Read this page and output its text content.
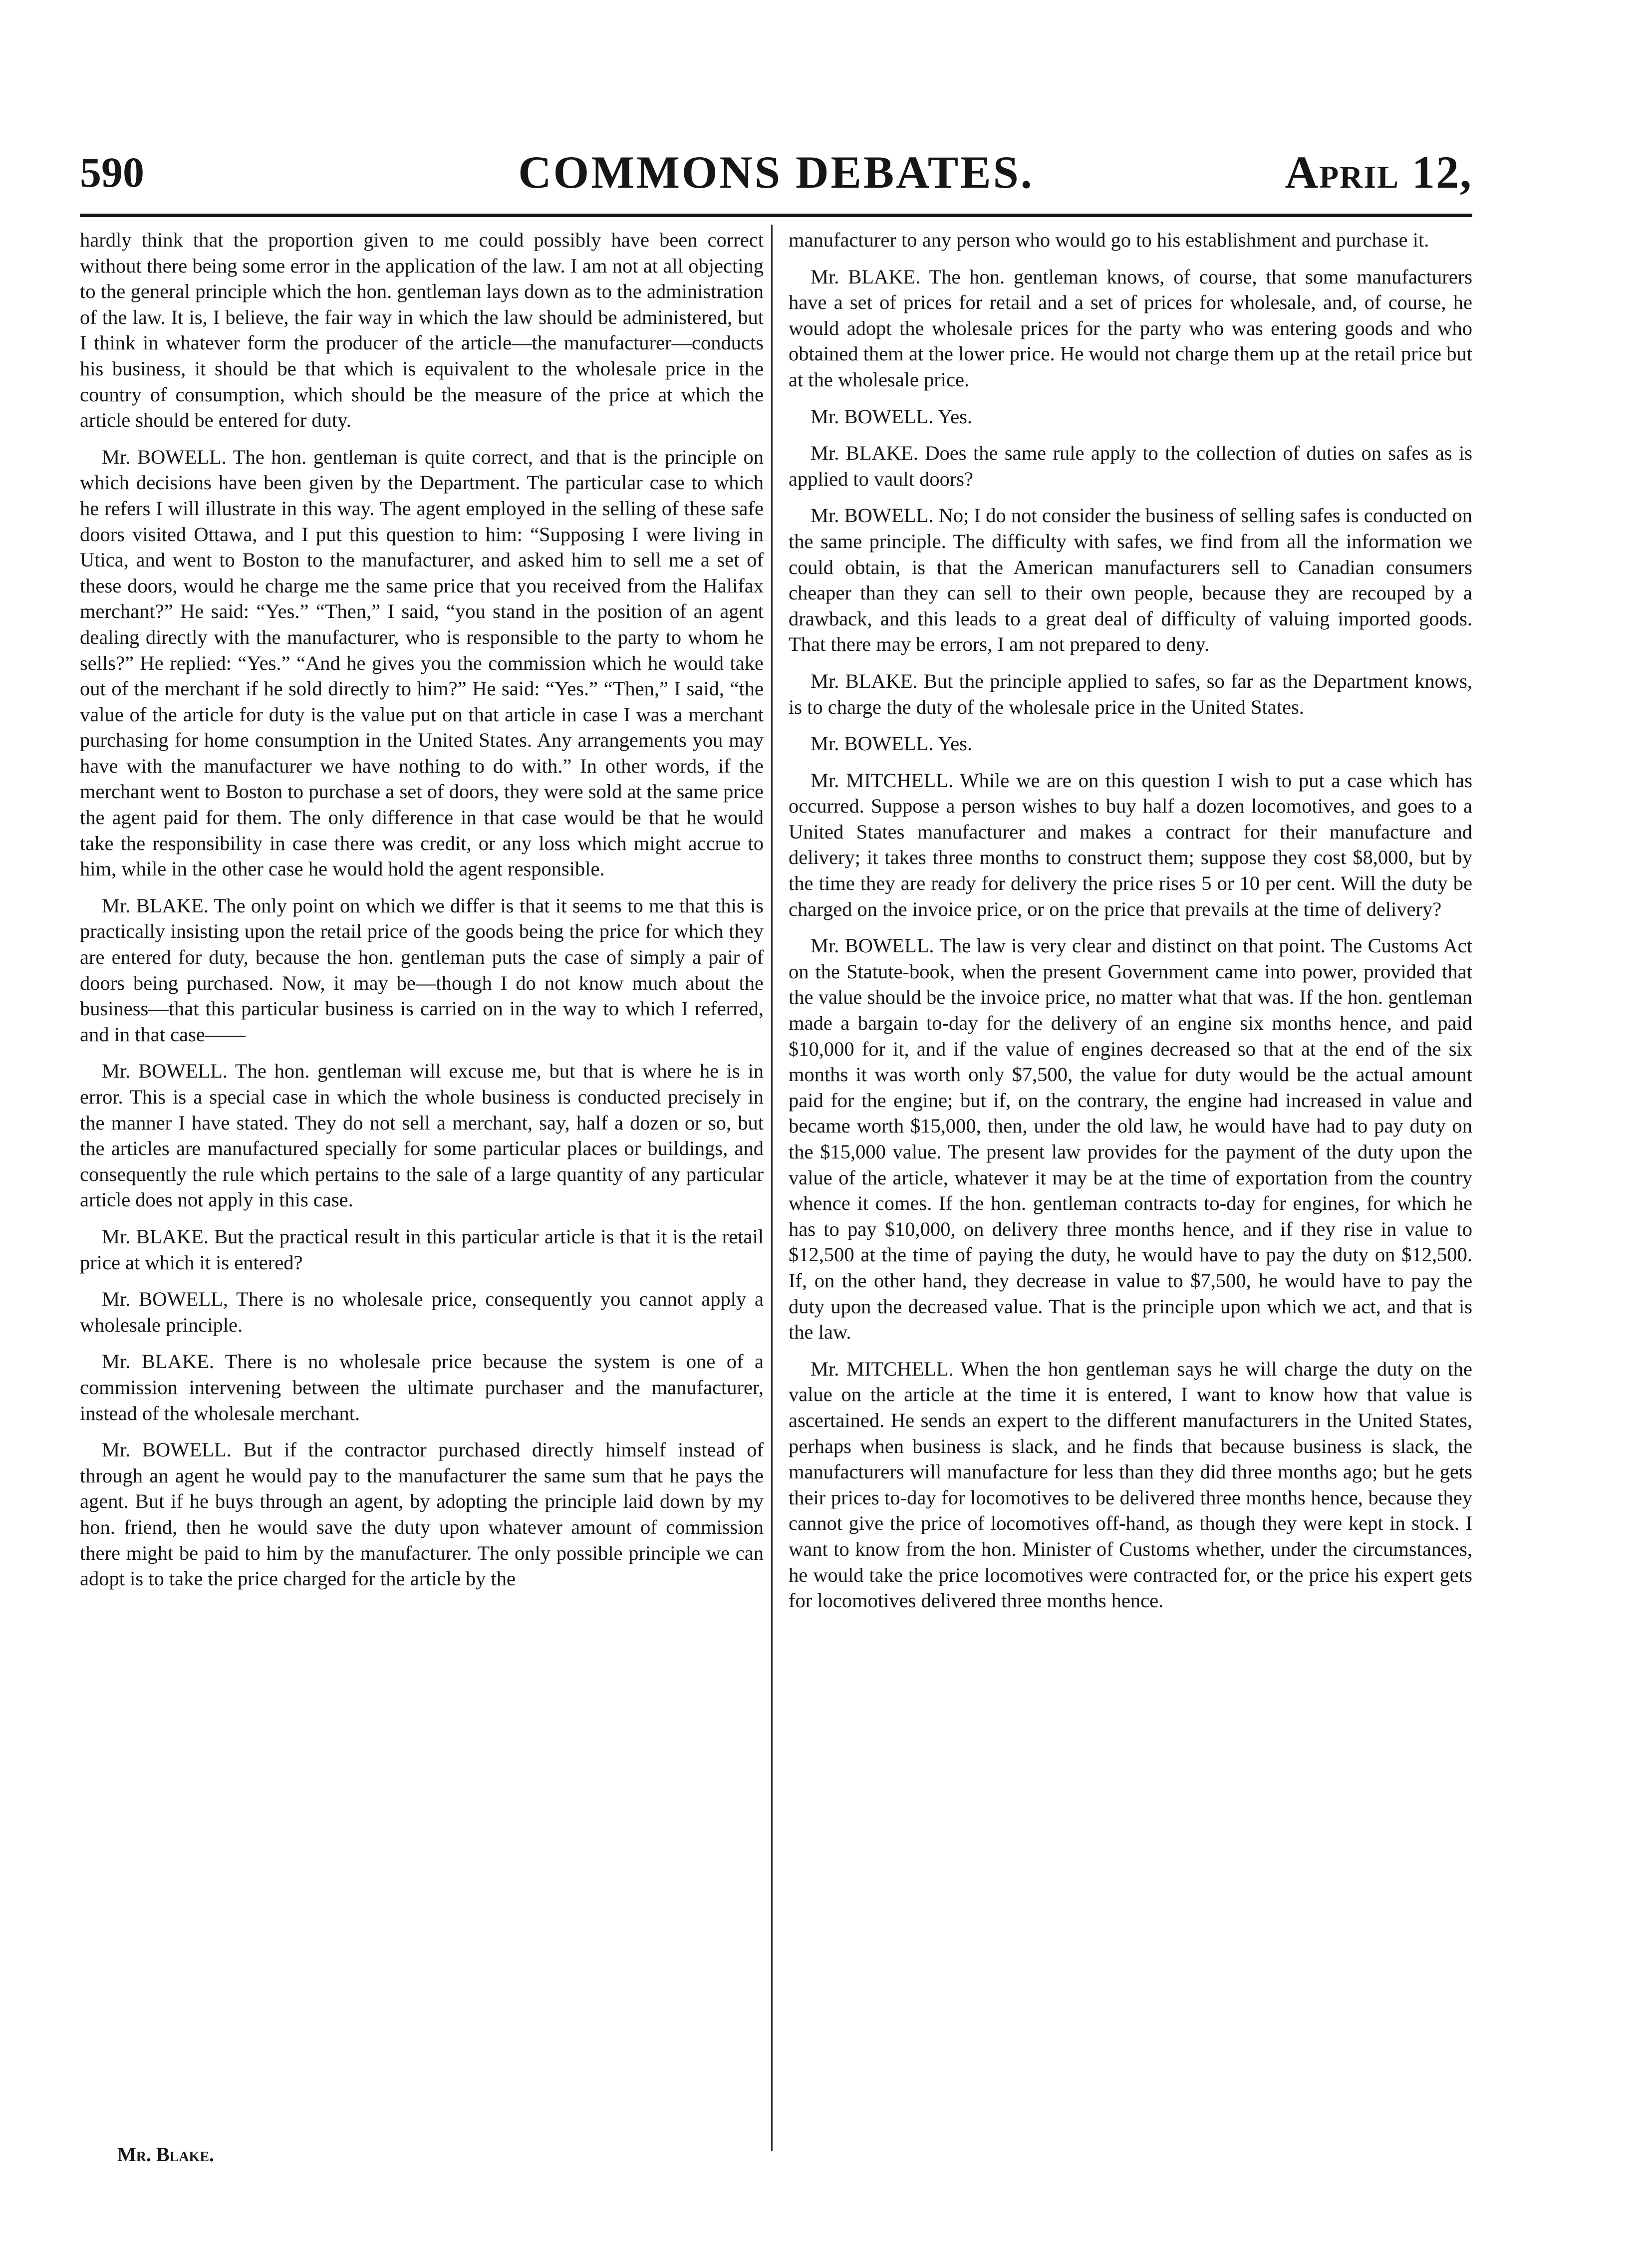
590	COMMONS DEBATES.	April 12,

hardly think that the proportion given to me could possibly have been correct without there being some error in the application of the law. I am not at all objecting to the general principle which the hon. gentleman lays down as to the administration of the law. It is, I believe, the fair way in which the law should be administered, but I think in whatever form the producer of the article—the manufacturer—conducts his business, it should be that which is equivalent to the wholesale price in the country of consumption, which should be the measure of the price at which the article should be entered for duty.

Mr. BOWELL. The hon. gentleman is quite correct, and that is the principle on which decisions have been given by the Department. The particular case to which he refers I will illustrate in this way. The agent employed in the selling of these safe doors visited Ottawa, and I put this question to him: “Supposing I were living in Utica, and went to Boston to the manufacturer, and asked him to sell me a set of these doors, would he charge me the same price that you received from the Halifax merchant?” He said: “Yes.” “Then,” I said, “you stand in the position of an agent dealing directly with the manufacturer, who is responsible to the party to whom he sells?” He replied: “Yes.” “And he gives you the commission which he would take out of the merchant if he sold directly to him?” He said: “Yes.” “Then,” I said, “the value of the article for duty is the value put on that article in case I was a merchant purchasing for home consumption in the United States. Any arrangements you may have with the manufacturer we have nothing to do with.” In other words, if the merchant went to Boston to purchase a set of doors, they were sold at the same price the agent paid for them. The only difference in that case would be that he would take the responsibility in case there was credit, or any loss which might accrue to him, while in the other case he would hold the agent responsible.

Mr. BLAKE. The only point on which we differ is that it seems to me that this is practically insisting upon the retail price of the goods being the price for which they are entered for duty, because the hon. gentleman puts the case of simply a pair of doors being purchased. Now, it may be—though I do not know much about the business—that this particular business is carried on in the way to which I referred, and in that case——

Mr. BOWELL. The hon. gentleman will excuse me, but that is where he is in error. This is a special case in which the whole business is conducted precisely in the manner I have stated. They do not sell a merchant, say, half a dozen or so, but the articles are manufactured specially for some particular places or buildings, and consequently the rule which pertains to the sale of a large quantity of any particular article does not apply in this case.

Mr. BLAKE. But the practical result in this particular article is that it is the retail price at which it is entered?

Mr. BOWELL, There is no wholesale price, consequently you cannot apply a wholesale principle.

Mr. BLAKE. There is no wholesale price because the system is one of a commission intervening between the ultimate purchaser and the manufacturer, instead of the wholesale merchant.

Mr. BOWELL. But if the contractor purchased directly himself instead of through an agent he would pay to the manufacturer the same sum that he pays the agent. But if he buys through an agent, by adopting the principle laid down by my hon. friend, then he would save the duty upon whatever amount of commission there might be paid to him by the manufacturer. The only possible principle we can adopt is to take the price charged for the article by the

manufacturer to any person who would go to his establishment and purchase it.

Mr. BLAKE. The hon. gentleman knows, of course, that some manufacturers have a set of prices for retail and a set of prices for wholesale, and, of course, he would adopt the wholesale prices for the party who was entering goods and who obtained them at the lower price. He would not charge them up at the retail price but at the wholesale price.

Mr. BOWELL. Yes.

Mr. BLAKE. Does the same rule apply to the collection of duties on safes as is applied to vault doors?

Mr. BOWELL. No; I do not consider the business of selling safes is conducted on the same principle. The difficulty with safes, we find from all the information we could obtain, is that the American manufacturers sell to Canadian consumers cheaper than they can sell to their own people, because they are recouped by a drawback, and this leads to a great deal of difficulty of valuing imported goods. That there may be errors, I am not prepared to deny.

Mr. BLAKE. But the principle applied to safes, so far as the Department knows, is to charge the duty of the wholesale price in the United States.

Mr. BOWELL. Yes.

Mr. MITCHELL. While we are on this question I wish to put a case which has occurred. Suppose a person wishes to buy half a dozen locomotives, and goes to a United States manufacturer and makes a contract for their manufacture and delivery; it takes three months to construct them; suppose they cost $8,000, but by the time they are ready for delivery the price rises 5 or 10 per cent. Will the duty be charged on the invoice price, or on the price that prevails at the time of delivery?

Mr. BOWELL. The law is very clear and distinct on that point. The Customs Act on the Statute-book, when the present Government came into power, provided that the value should be the invoice price, no matter what that was. If the hon. gentleman made a bargain to-day for the delivery of an engine six months hence, and paid $10,000 for it, and if the value of engines decreased so that at the end of the six months it was worth only $7,500, the value for duty would be the actual amount paid for the engine; but if, on the contrary, the engine had increased in value and became worth $15,000, then, under the old law, he would have had to pay duty on the $15,000 value. The present law provides for the payment of the duty upon the value of the article, whatever it may be at the time of exportation from the country whence it comes. If the hon. gentleman contracts to-day for engines, for which he has to pay $10,000, on delivery three months hence, and if they rise in value to $12,500 at the time of paying the duty, he would have to pay the duty on $12,500. If, on the other hand, they decrease in value to $7,500, he would have to pay the duty upon the decreased value. That is the principle upon which we act, and that is the law.

Mr. MITCHELL. When the hon gentleman says he will charge the duty on the value on the article at the time it is entered, I want to know how that value is ascertained. He sends an expert to the different manufacturers in the United States, perhaps when business is slack, and he finds that because business is slack, the manufacturers will manufacture for less than they did three months ago; but he gets their prices to-day for locomotives to be delivered three months hence, because they cannot give the price of locomotives off-hand, as though they were kept in stock. I want to know from the hon. Minister of Customs whether, under the circumstances, he would take the price locomotives were contracted for, or the price his expert gets for locomotives delivered three months hence.

Mr. Blake.
